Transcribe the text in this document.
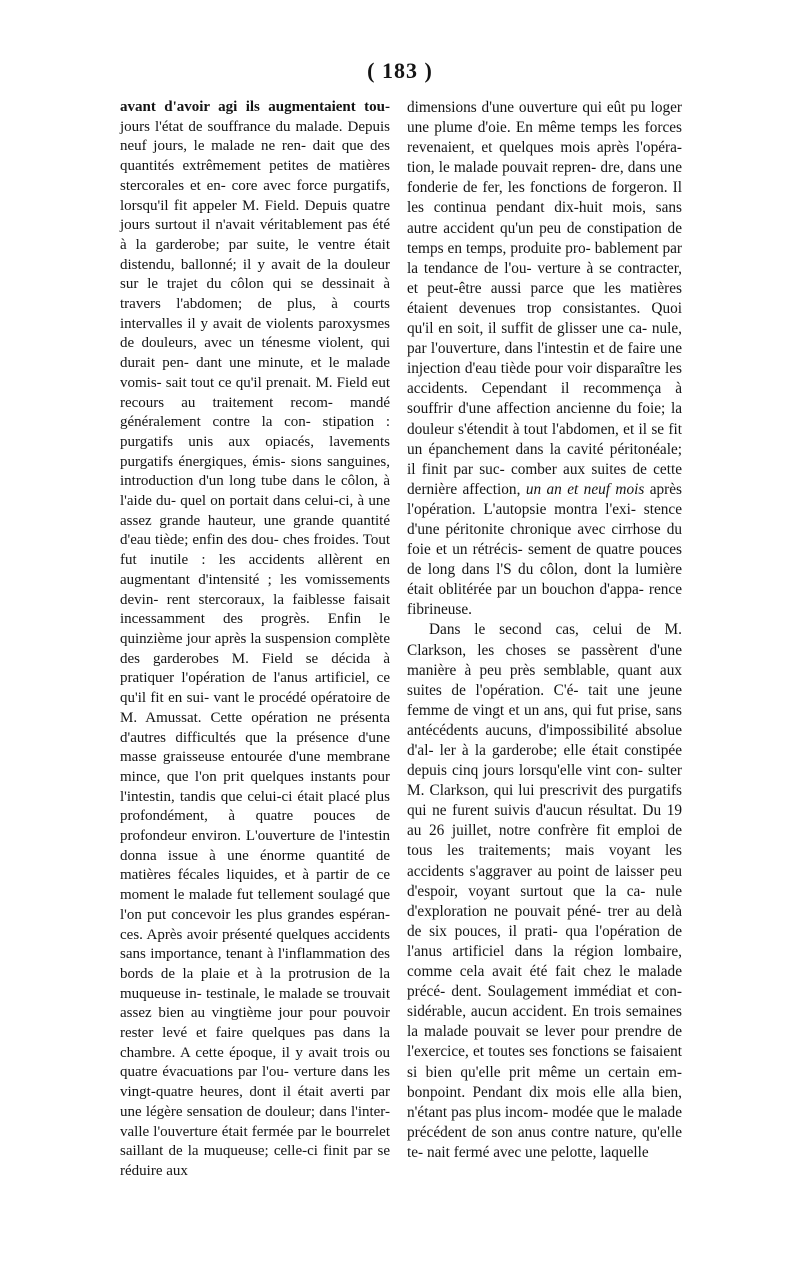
( 183 )

avant d'avoir agi ils augmentaient tou- jours l'état de souffrance du malade. Depuis neuf jours, le malade ne ren- dait que des quantités extrêmement petites de matières stercorales et en- core avec force purgatifs, lorsqu'il fit appeler M. Field. Depuis quatre jours surtout il n'avait véritablement pas été à la garderobe; par suite, le ventre était distendu, ballonné; il y avait de la douleur sur le trajet du côlon qui se dessinait à travers l'abdomen; de plus, à courts intervalles il y avait de violents paroxysmes de douleurs, avec un ténesme violent, qui durait pen- dant une minute, et le malade vomis- sait tout ce qu'il prenait. M. Field eut recours au traitement recom- mandé généralement contre la con- stipation : purgatifs unis aux opiacés, lavements purgatifs énergiques, émis- sions sanguines, introduction d'un long tube dans le côlon, à l'aide du- quel on portait dans celui-ci, à une assez grande hauteur, une grande quantité d'eau tiède; enfin des dou- ches froides. Tout fut inutile : les accidents allèrent en augmentant d'intensité ; les vomissements devin- rent stercoraux, la faiblesse faisait incessamment des progrès. Enfin le quinzième jour après la suspension complète des garderobes M. Field se décida à pratiquer l'opération de l'anus artificiel, ce qu'il fit en sui- vant le procédé opératoire de M. Amussat. Cette opération ne présenta d'autres difficultés que la présence d'une masse graisseuse entourée d'une membrane mince, que l'on prit quelques instants pour l'intestin, tandis que celui-ci était placé plus profondément, à quatre pouces de profondeur environ. L'ouverture de l'intestin donna issue à une énorme quantité de matières fécales liquides, et à partir de ce moment le malade fut tellement soulagé que l'on put concevoir les plus grandes espéran- ces. Après avoir présenté quelques accidents sans importance, tenant à l'inflammation des bords de la plaie et à la protrusion de la muqueuse in- testinale, le malade se trouvait assez bien au vingtième jour pour pouvoir rester levé et faire quelques pas dans la chambre. A cette époque, il y avait trois ou quatre évacuations par l'ou- verture dans les vingt-quatre heures, dont il était averti par une légère sensation de douleur; dans l'inter- valle l'ouverture était fermée par le bourrelet saillant de la muqueuse; celle-ci finit par se réduire aux

dimensions d'une ouverture qui eût pu loger une plume d'oie. En même temps les forces revenaient, et quelques mois après l'opéra- tion, le malade pouvait repren- dre, dans une fonderie de fer, les fonctions de forgeron. Il les continua pendant dix-huit mois, sans autre accident qu'un peu de constipation de temps en temps, produite pro- bablement par la tendance de l'ou- verture à se contracter, et peut-être aussi parce que les matières étaient devenues trop consistantes. Quoi qu'il en soit, il suffit de glisser une ca- nule, par l'ouverture, dans l'intestin et de faire une injection d'eau tiède pour voir disparaître les accidents. Cependant il recommença à souffrir d'une affection ancienne du foie; la douleur s'étendit à tout l'abdomen, et il se fit un épanchement dans la cavité péritonéale; il finit par suc- comber aux suites de cette dernière affection, un an et neuf mois après l'opération. L'autopsie montra l'exi- stence d'une péritonite chronique avec cirrhose du foie et un rétrécis- sement de quatre pouces de long dans l'S du côlon, dont la lumière était oblitérée par un bouchon d'appa- rence fibrineuse.

Dans le second cas, celui de M. Clarkson, les choses se passèrent d'une manière à peu près semblable, quant aux suites de l'opération. C'é- tait une jeune femme de vingt et un ans, qui fut prise, sans antécédents aucuns, d'impossibilité absolue d'al- ler à la garderobe; elle était constipée depuis cinq jours lorsqu'elle vint con- sulter M. Clarkson, qui lui prescrivit des purgatifs qui ne furent suivis d'aucun résultat. Du 19 au 26 juillet, notre confrère fit emploi de tous les traitements; mais voyant les accidents s'aggraver au point de laisser peu d'espoir, voyant surtout que la ca- nule d'exploration ne pouvait péné- trer au delà de six pouces, il prati- qua l'opération de l'anus artificiel dans la région lombaire, comme cela avait été fait chez le malade précé- dent. Soulagement immédiat et con- sidérable, aucun accident. En trois semaines la malade pouvait se lever pour prendre de l'exercice, et toutes ses fonctions se faisaient si bien qu'elle prit même un certain em- bonpoint. Pendant dix mois elle alla bien, n'étant pas plus incom- modée que le malade précédent de son anus contre nature, qu'elle te- nait fermé avec une pelotte, laquelle
